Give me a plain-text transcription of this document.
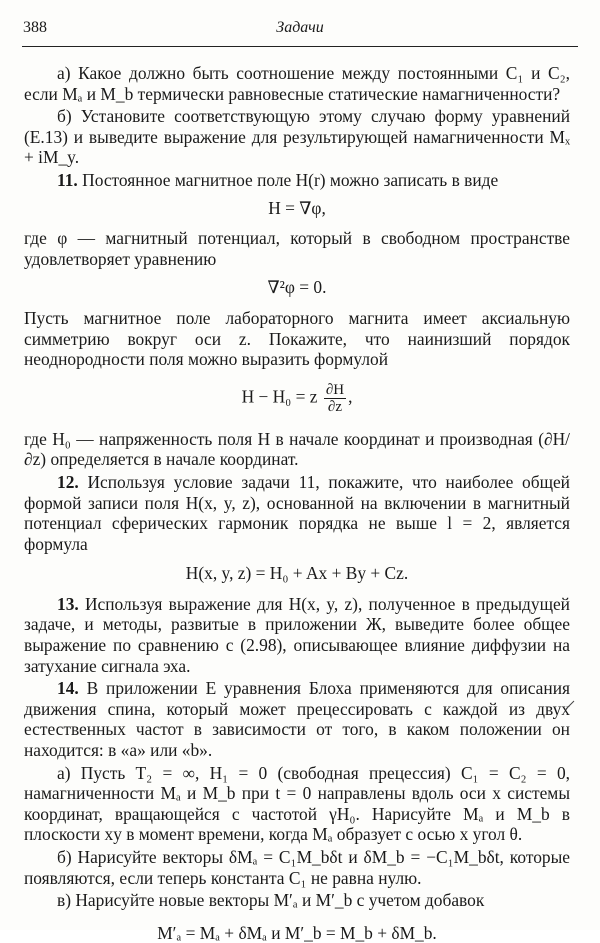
388	Задачи

а) Какое должно быть соотношение между постоянными C₁ и C₂, если Mₐ и M_b термически равновесные статические намагниченности?

б) Установите соответствующую этому случаю форму уравнений (Е.13) и выведите выражение для результирующей намагниченности Mₓ + iM_y.

11. Постоянное магнитное поле H(r) можно записать в виде

H = ∇φ,

где φ — магнитный потенциал, который в свободном пространстве удовлетворяет уравнению

∇²φ = 0.

Пусть магнитное поле лабораторного магнита имеет аксиальную симметрию вокруг оси z. Покажите, что наинизший порядок неоднородности поля можно выразить формулой

H − H₀ = z $\frac{\partial H}{\partial z}$ ,

где H₀ — напряженность поля H в начале координат и производная (∂H/∂z) определяется в начале координат.

12. Используя условие задачи 11, покажите, что наиболее общей формой записи поля H(x, y, z), основанной на включении в магнитный потенциал сферических гармоник порядка не выше l = 2, является формула

H(x, y, z) = H₀ + Ax + By + Cz.

13. Используя выражение для H(x, y, z), полученное в предыдущей задаче, и методы, развитые в приложении Ж, выведите более общее выражение по сравнению с (2.98), описывающее влияние диффузии на затухание сигнала эха.

14. В приложении Е уравнения Блоха применяются для описания движения спина, который может прецессировать с каждой из двух естественных частот в зависимости от того, в каком положении он находится: в «a» или «b».

а) Пусть T₂ = ∞, H₁ = 0 (свободная прецессия) C₁ = C₂ = 0, намагниченности Mₐ и M_b при t = 0 направлены вдоль оси x системы координат, вращающейся с частотой γH₀. Нарисуйте Mₐ и M_b в плоскости xy в момент времени, когда Mₐ образует с осью x угол θ.

б) Нарисуйте векторы δMₐ = C₁M_bδt и δM_b = −C₁M_bδt, которые появляются, если теперь константа C₁ не равна нулю.

в) Нарисуйте новые векторы M′ₐ и M′_b с учетом добавок

M′ₐ = Mₐ + δMₐ и M′_b = M_b + δM_b.
